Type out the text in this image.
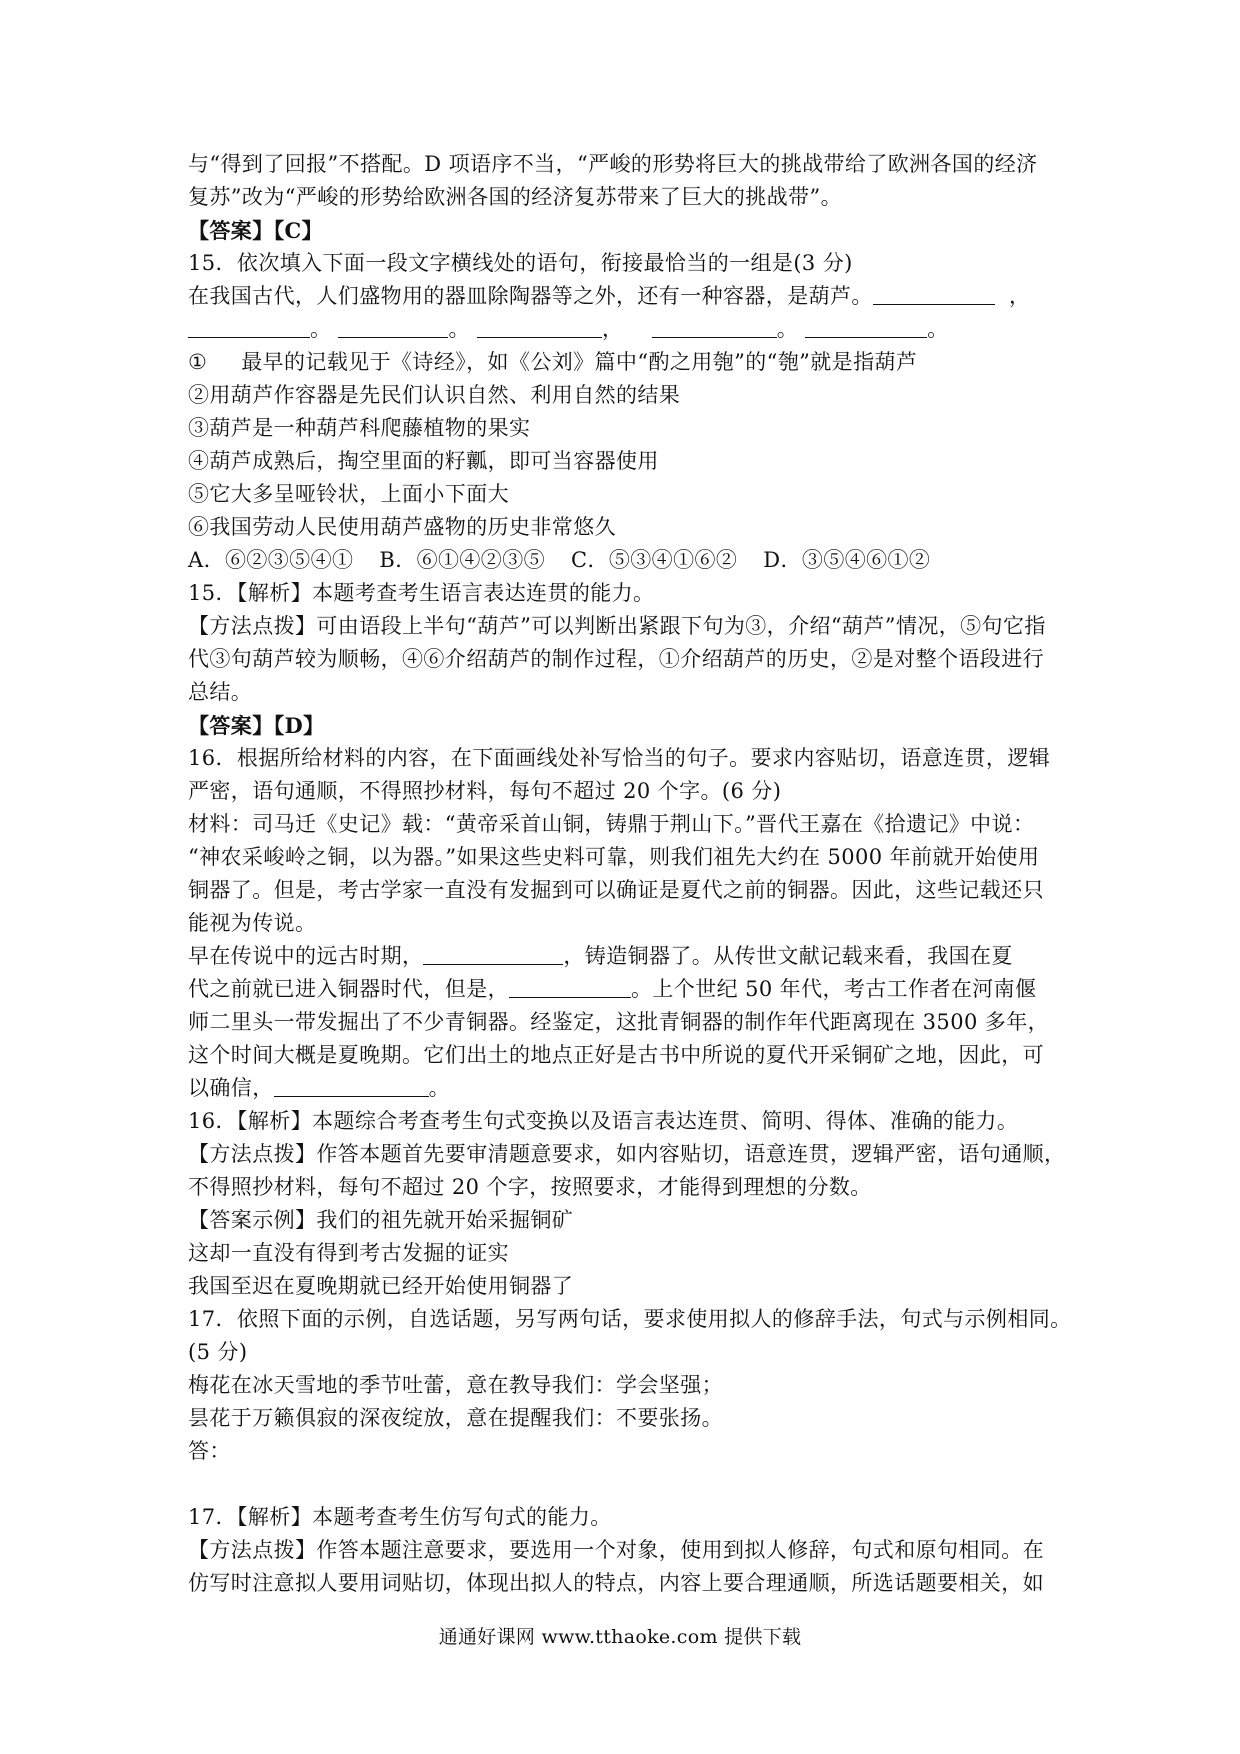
与“得到了回报”不搭配。D 项语序不当，“严峻的形势将巨大的挑战带给了欧洲各国的经济
复苏”改为“严峻的形势给欧洲各国的经济复苏带来了巨大的挑战带”。
【答案】【C】
15．依次填入下面一段文字横线处的语句，衔接最恰当的一组是(3 分)
在我国古代，人们盛物用的器皿除陶器等之外，还有一种容器，是葫芦。	，
。	。	，	。	。
① 最早的记载见于《诗经》，如《公刘》篇中“酌之用匏”的“匏”就是指葫芦
②用葫芦作容器是先民们认识自然、利用自然的结果
③葫芦是一种葫芦科爬藤植物的果实
④葫芦成熟后，掏空里面的籽瓤，即可当容器使用
⑤它大多呈哑铃状，上面小下面大
⑥我国劳动人民使用葫芦盛物的历史非常悠久
A．⑥②③⑤④① B．⑥①④②③⑤ C．⑤③④①⑥② D．③⑤④⑥①②
15．【解析】本题考查考生语言表达连贯的能力。
【方法点拨】可由语段上半句“葫芦”可以判断出紧跟下句为③，介绍“葫芦”情况，⑤句它指
代③句葫芦较为顺畅，④⑥介绍葫芦的制作过程，①介绍葫芦的历史，②是对整个语段进行
总结。
【答案】【D】
16．根据所给材料的内容，在下面画线处补写恰当的句子。要求内容贴切，语意连贯，逻辑
严密，语句通顺，不得照抄材料，每句不超过 20 个字。(6 分)
材料：司马迁《史记》载：“黄帝采首山铜，铸鼎于荆山下。”晋代王嘉在《拾遗记》中说：
“神农采峻岭之铜，以为器。”如果这些史料可靠，则我们祖先大约在 5000 年前就开始使用
铜器了。但是，考古学家一直没有发掘到可以确证是夏代之前的铜器。因此，这些记载还只
能视为传说。
早在传说中的远古时期，	，铸造铜器了。从传世文献记载来看，我国在夏
代之前就已进入铜器时代，但是，	。上个世纪 50 年代，考古工作者在河南偃
师二里头一带发掘出了不少青铜器。经鉴定，这批青铜器的制作年代距离现在 3500 多年，
这个时间大概是夏晚期。它们出土的地点正好是古书中所说的夏代开采铜矿之地，因此，可
以确信，	。
16．【解析】本题综合考查考生句式变换以及语言表达连贯、简明、得体、准确的能力。
【方法点拨】作答本题首先要审清题意要求，如内容贴切，语意连贯，逻辑严密，语句通顺，
不得照抄材料，每句不超过 20 个字，按照要求，才能得到理想的分数。
【答案示例】我们的祖先就开始采掘铜矿
这却一直没有得到考古发掘的证实
我国至迟在夏晚期就已经开始使用铜器了
17．依照下面的示例，自选话题，另写两句话，要求使用拟人的修辞手法，句式与示例相同。
(5 分)
梅花在冰天雪地的季节吐蕾，意在教导我们：学会坚强；
昙花于万籁俱寂的深夜绽放，意在提醒我们：不要张扬。
答：
17．【解析】本题考查考生仿写句式的能力。
【方法点拨】作答本题注意要求，要选用一个对象，使用到拟人修辞，句式和原句相同。在
仿写时注意拟人要用词贴切，体现出拟人的特点，内容上要合理通顺，所选话题要相关，如
通通好课网 www.tthaoke.com 提供下载
